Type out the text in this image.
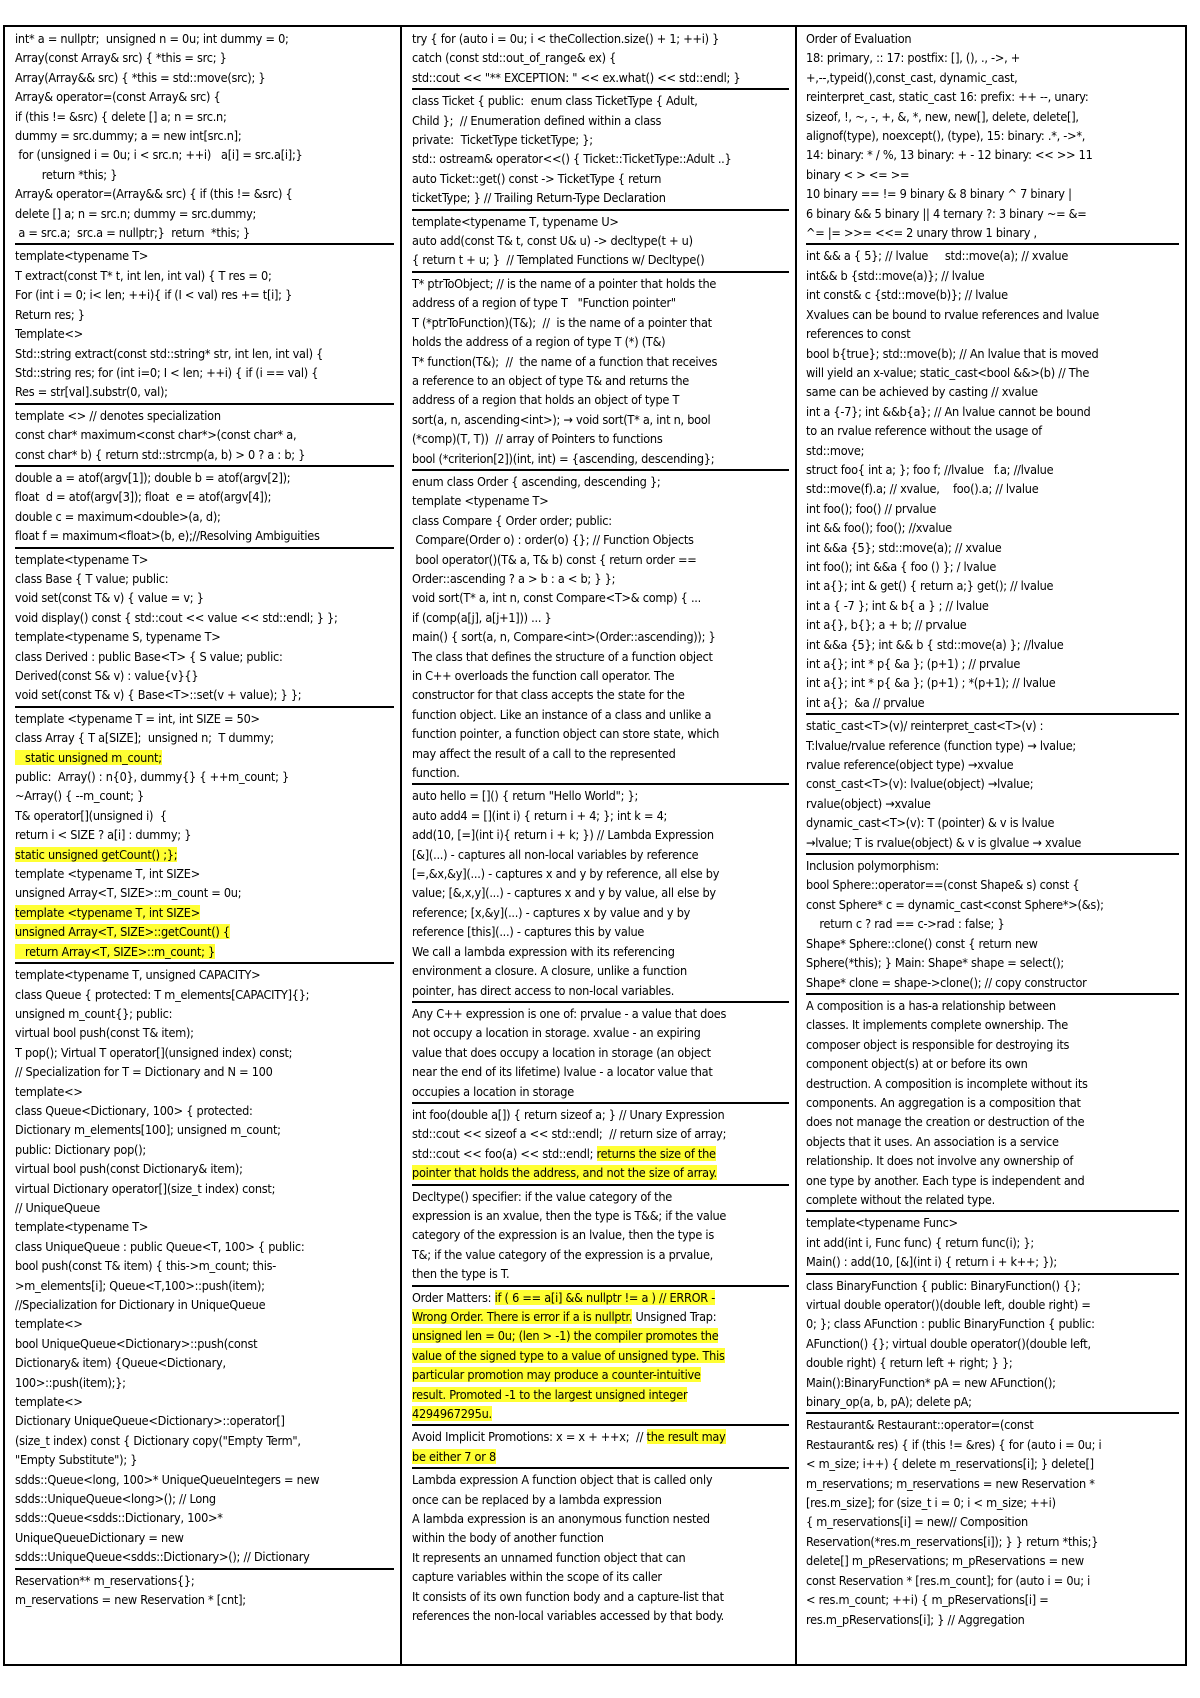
int* a = nullptr;  unsigned n = 0u; int dummy = 0;
Array(const Array& src) { *this = src; }
Array(Array&& src) { *this = std::move(src); }
Array& operator=(const Array& src) {
if (this != &src) { delete [] a; n = src.n;
dummy = src.dummy; a = new int[src.n];
for (unsigned i = 0u; i < src.n; ++i)   a[i] = src.a[i];}
return *this; }
Array& operator=(Array&& src) { if (this != &src) {
delete [] a; n = src.n; dummy = src.dummy;
a = src.a;  src.a = nullptr;}  return  *this; }
template<typename T>
T extract(const T* t, int len, int val) { T res = 0;
For (int i = 0; i< len; ++i){ if (I < val) res += t[i]; }
Return res; }
Template<>
Std::string extract(const std::string* str, int len, int val) {
Std::string res; for (int i=0; I < len; ++i) { if (i == val) {
Res = str[val].substr(0, val);
template <> // denotes specialization
const char* maximum<const char*>(const char* a,
const char* b) { return std::strcmp(a, b) > 0 ? a : b; }
double a = atof(argv[1]); double b = atof(argv[2]);
float  d = atof(argv[3]); float  e = atof(argv[4]);
double c = maximum<double>(a, d);
float f = maximum<float>(b, e);//Resolving Ambiguities
template<typename T>
class Base { T value; public:
void set(const T& v) { value = v; }
void display() const { std::cout << value << std::endl; } };
template<typename S, typename T>
class Derived : public Base<T> { S value; public:
Derived(const S& v) : value{v}{}
void set(const T& v) { Base<T>::set(v + value); } };
template <typename T = int, int SIZE = 50>
class Array { T a[SIZE];  unsigned n;  T dummy;
static unsigned m_count;
public:  Array() : n{0}, dummy{} { ++m_count; }
~Array() { --m_count; }
T& operator[](unsigned i)  {
return i < SIZE ? a[i] : dummy; }
static unsigned getCount() ;};
template <typename T, int SIZE>
unsigned Array<T, SIZE>::m_count = 0u;
template <typename T, int SIZE>
unsigned Array<T, SIZE>::getCount() {
return Array<T, SIZE>::m_count; }
template<typename T, unsigned CAPACITY>
class Queue { protected: T m_elements[CAPACITY]{};
unsigned m_count{}; public:
virtual bool push(const T& item);
T pop(); Virtual T operator[](unsigned index) const;
// Specialization for T = Dictionary and N = 100
template<>
class Queue<Dictionary, 100> { protected:
Dictionary m_elements[100]; unsigned m_count;
public: Dictionary pop();
virtual bool push(const Dictionary& item);
virtual Dictionary operator[](size_t index) const;
// UniqueQueue
template<typename T>
class UniqueQueue : public Queue<T, 100> { public:
bool push(const T& item) { this->m_count; this-
>m_elements[i]; Queue<T,100>::push(item);
//Specialization for Dictionary in UniqueQueue
template<>
bool UniqueQueue<Dictionary>::push(const
Dictionary& item) {Queue<Dictionary,
100>::push(item);};
template<>
Dictionary UniqueQueue<Dictionary>::operator[]
(size_t index) const { Dictionary copy("Empty Term",
"Empty Substitute"); }
sdds::Queue<long, 100>* UniqueQueueIntegers = new
sdds::UniqueQueue<long>(); // Long
sdds::Queue<sdds::Dictionary, 100>*
UniqueQueueDictionary = new
sdds::UniqueQueue<sdds::Dictionary>(); // Dictionary
Reservation** m_reservations{};
m_reservations = new Reservation * [cnt];
try { for (auto i = 0u; i < theCollection.size() + 1; ++i) }
catch (const std::out_of_range& ex) {
std::cout << "** EXCEPTION: " << ex.what() << std::endl; }
class Ticket { public:  enum class TicketType { Adult,
Child };  // Enumeration defined within a class
private:  TicketType ticketType; };
std:: ostream& operator<<() { Ticket::TicketType::Adult ..}
auto Ticket::get() const -> TicketType { return
ticketType; } // Trailing Return-Type Declaration
template<typename T, typename U>
auto add(const T& t, const U& u) -> decltype(t + u)
{ return t + u; }  // Templated Functions w/ Decltype()
T* ptrToObject; // is the name of a pointer that holds the
address of a region of type T   "Function pointer"
T (*ptrToFunction)(T&);  //  is the name of a pointer that
holds the address of a region of type T (*) (T&)
T* function(T&);  //  the name of a function that receives
a reference to an object of type T& and returns the
address of a region that holds an object of type T
sort(a, n, ascending<int>); → void sort(T* a, int n, bool
(*comp)(T, T))  // array of Pointers to functions
bool (*criterion[2])(int, int) = {ascending, descending};
enum class Order { ascending, descending };
template <typename T>
class Compare { Order order; public:
Compare(Order o) : order(o) {}; // Function Objects
bool operator()(T& a, T& b) const { return order ==
Order::ascending ? a > b : a < b; } };
void sort(T* a, int n, const Compare<T>& comp) { ...
if (comp(a[j], a[j+1])) ... }
main() { sort(a, n, Compare<int>(Order::ascending)); }
The class that defines the structure of a function object
in C++ overloads the function call operator. The
constructor for that class accepts the state for the
function object. Like an instance of a class and unlike a
function pointer, a function object can store state, which
may affect the result of a call to the represented
function.
auto hello = []() { return "Hello World"; };
auto add4 = [](int i) { return i + 4; }; int k = 4;
add(10, [=](int i){ return i + k; }) // Lambda Expression
[&](...) - captures all non-local variables by reference
[=,&x,&y](...) - captures x and y by reference, all else by
value; [&,x,y](...) - captures x and y by value, all else by
reference; [x,&y](...) - captures x by value and y by
reference [this](...) - captures this by value
We call a lambda expression with its referencing
environment a closure. A closure, unlike a function
pointer, has direct access to non-local variables.
Any C++ expression is one of: prvalue - a value that does
not occupy a location in storage. xvalue - an expiring
value that does occupy a location in storage (an object
near the end of its lifetime) lvalue - a locator value that
occupies a location in storage
int foo(double a[]) { return sizeof a; } // Unary Expression
std::cout << sizeof a << std::endl;  // return size of array;
std::cout << foo(a) << std::endl; returns the size of the
pointer that holds the address, and not the size of array.
Decltype() specifier: if the value category of the
expression is an xvalue, then the type is T&&; if the value
category of the expression is an lvalue, then the type is
T&; if the value category of the expression is a prvalue,
then the type is T.
Order Matters: if ( 6 == a[i] && nullptr != a ) // ERROR -
Wrong Order. There is error if a is nullptr. Unsigned Trap:
unsigned len = 0u; (len > -1) the compiler promotes the
value of the signed type to a value of unsigned type. This
particular promotion may produce a counter-intuitive
result. Promoted -1 to the largest unsigned integer
4294967295u.
Avoid Implicit Promotions: x = x + ++x;  // the result may
be either 7 or 8
Lambda expression A function object that is called only
once can be replaced by a lambda expression
A lambda expression is an anonymous function nested
within the body of another function
It represents an unnamed function object that can
capture variables within the scope of its caller
It consists of its own function body and a capture-list that
references the non-local variables accessed by that body.
Order of Evaluation
18: primary, :: 17: postfix: [], (), ., ->, +
+,--,typeid(),const_cast, dynamic_cast,
reinterpret_cast, static_cast 16: prefix: ++ --, unary:
sizeof, !, ~, -, +, &, *, new, new[], delete, delete[],
alignof(type), noexcept(), (type), 15: binary: .*, ->*,
14: binary: * / %, 13 binary: + - 12 binary: << >> 11
binary < > <= >=
10 binary == != 9 binary & 8 binary ^ 7 binary |
6 binary && 5 binary || 4 ternary ?: 3 binary ~= &=
^= |= >>= <<= 2 unary throw 1 binary ,
int && a { 5}; // lvalue     std::move(a); // xvalue
int&& b {std::move(a)}; // lvalue
int const& c {std::move(b)}; // lvalue
Xvalues can be bound to rvalue references and lvalue
references to const
bool b{true}; std::move(b); // An lvalue that is moved
will yield an x-value; static_cast<bool &&>(b) // The
same can be achieved by casting // xvalue
int a {-7}; int &&b{a}; // An lvalue cannot be bound
to an rvalue reference without the usage of
std::move;
struct foo{ int a; }; foo f; //lvalue   f.a; //lvalue
std::move(f).a; // xvalue,    foo().a; // lvalue
int foo(); foo() // prvalue
int && foo(); foo(); //xvalue
int &&a {5}; std::move(a); // xvalue
int foo(); int &&a { foo () }; / lvalue
int a{}; int & get() { return a;} get(); // lvalue
int a { -7 }; int & b{ a } ; // lvalue
int a{}, b{}; a + b; // prvalue
int &&a {5}; int && b { std::move(a) }; //lvalue
int a{}; int * p{ &a }; (p+1) ; // prvalue
int a{}; int * p{ &a }; (p+1) ; *(p+1); // lvalue
int a{};  &a // prvalue
static_cast<T>(v)/ reinterpret_cast<T>(v) :
T:lvalue/rvalue reference (function type) → lvalue;
rvalue reference(object type) →xvalue
const_cast<T>(v): lvalue(object) →lvalue;
rvalue(object) →xvalue
dynamic_cast<T>(v): T (pointer) & v is lvalue
→lvalue; T is rvalue(object) & v is glvalue → xvalue
Inclusion polymorphism:
bool Sphere::operator==(const Shape& s) const {
const Sphere* c = dynamic_cast<const Sphere*>(&s);
return c ? rad == c->rad : false; }
Shape* Sphere::clone() const { return new
Sphere(*this); } Main: Shape* shape = select();
Shape* clone = shape->clone(); // copy constructor
A composition is a has-a relationship between
classes. It implements complete ownership. The
composer object is responsible for destroying its
component object(s) at or before its own
destruction. A composition is incomplete without its
components. An aggregation is a composition that
does not manage the creation or destruction of the
objects that it uses. An association is a service
relationship. It does not involve any ownership of
one type by another. Each type is independent and
complete without the related type.
template<typename Func>
int add(int i, Func func) { return func(i); };
Main() : add(10, [&](int i) { return i + k++; });
class BinaryFunction { public: BinaryFunction() {};
virtual double operator()(double left, double right) =
0; }; class AFunction : public BinaryFunction { public:
AFunction() {}; virtual double operator()(double left,
double right) { return left + right; } };
Main():BinaryFunction* pA = new AFunction();
binary_op(a, b, pA); delete pA;
Restaurant& Restaurant::operator=(const
Restaurant& res) { if (this != &res) { for (auto i = 0u; i
< m_size; i++) { delete m_reservations[i]; } delete[]
m_reservations; m_reservations = new Reservation *
[res.m_size]; for (size_t i = 0; i < m_size; ++i)
{ m_reservations[i] = new// Composition
Reservation(*res.m_reservations[i]); } } return *this;}
delete[] m_pReservations; m_pReservations = new
const Reservation * [res.m_count]; for (auto i = 0u; i
< res.m_count; ++i) { m_pReservations[i] =
res.m_pReservations[i]; } // Aggregation
